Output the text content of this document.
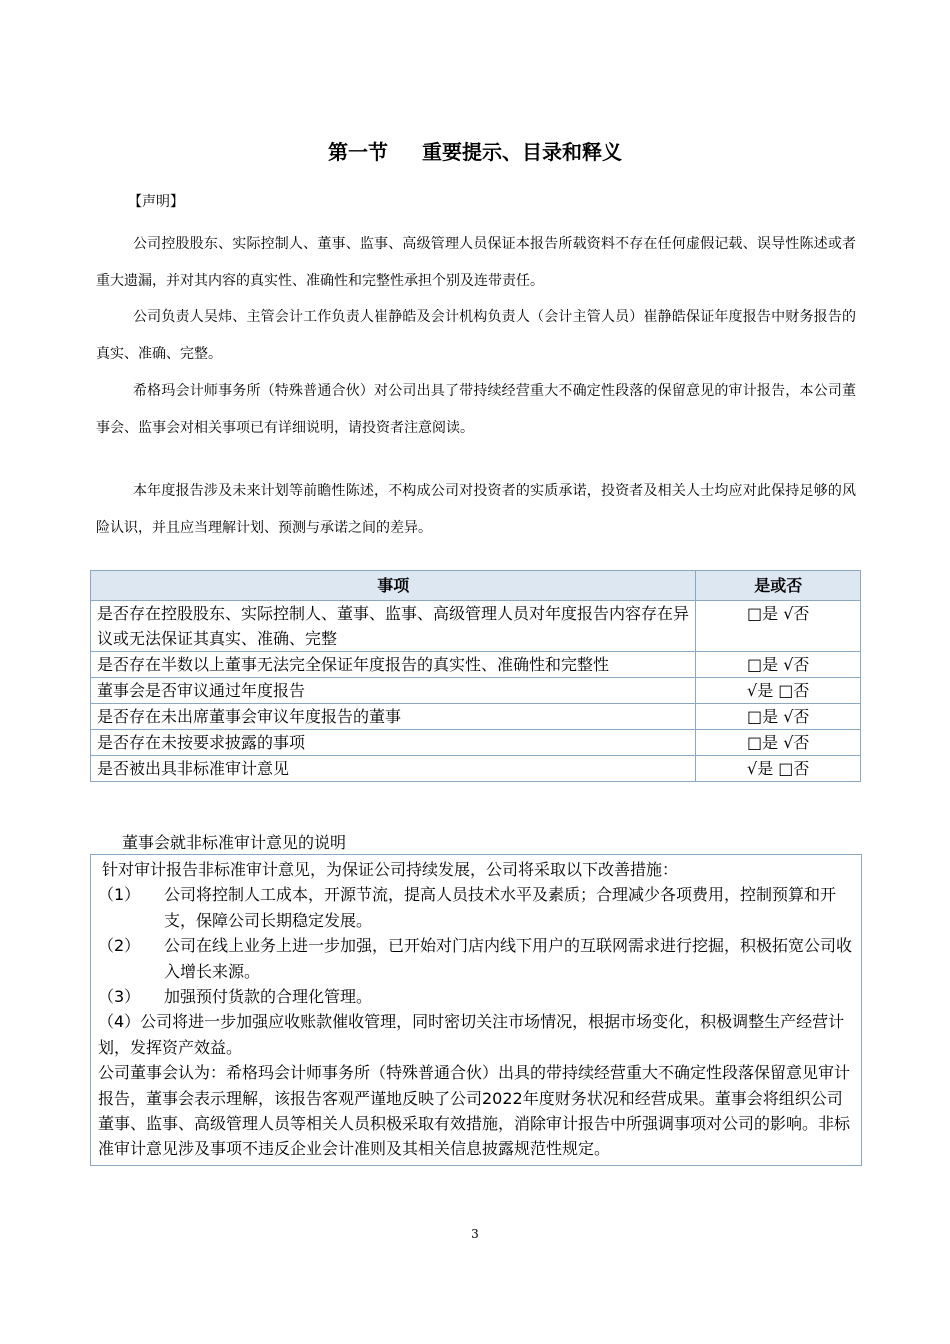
第一节 重要提示、目录和释义
【声明】

公司控股股东、实际控制人、董事、监事、高级管理人员保证本报告所载资料不存在任何虚假记载、误导性陈述或者重大遗漏，并对其内容的真实性、准确性和完整性承担个别及连带责任。

公司负责人吴炜、主管会计工作负责人崔静皓及会计机构负责人（会计主管人员）崔静皓保证年度报告中财务报告的真实、准确、完整。

希格玛会计师事务所（特殊普通合伙）对公司出具了带持续经营重大不确定性段落的保留意见的审计报告，本公司董事会、监事会对相关事项已有详细说明，请投资者注意阅读。

本年度报告涉及未来计划等前瞻性陈述，不构成公司对投资者的实质承诺，投资者及相关人士均应对此保持足够的风险认识，并且应当理解计划、预测与承诺之间的差异。

事项	是或否
是否存在控股股东、实际控制人、董事、监事、高级管理人员对年度报告内容存在异议或无法保证其真实、准确、完整	□是 √否
是否存在半数以上董事无法完全保证年度报告的真实性、准确性和完整性	□是 √否
董事会是否审议通过年度报告	√是 □否
是否存在未出席董事会审议年度报告的董事	□是 √否
是否存在未按要求披露的事项	□是 √否
是否被出具非标准审计意见	√是 □否
董事会就非标准审计意见的说明

针对审计报告非标准审计意见，为保证公司持续发展，公司将采取以下改善措施：

（1）	公司将控制人工成本，开源节流，提高人员技术水平及素质；合理减少各项费用，控制预算和开支，保障公司长期稳定发展。
（2）	公司在线上业务上进一步加强，已开始对门店内线下用户的互联网需求进行挖掘，积极拓宽公司收入增长来源。
（3）	加强预付货款的合理化管理。

（4）公司将进一步加强应收账款催收管理，同时密切关注市场情况，根据市场变化，积极调整生产经营计划，发挥资产效益。

公司董事会认为：希格玛会计师事务所（特殊普通合伙）出具的带持续经营重大不确定性段落保留意见审计报告，董事会表示理解，该报告客观严谨地反映了公司2022年度财务状况和经营成果。董事会将组织公司董事、监事、高级管理人员等相关人员积极采取有效措施，消除审计报告中所强调事项对公司的影响。非标准审计意见涉及事项不违反企业会计准则及其相关信息披露规范性规定。

3
